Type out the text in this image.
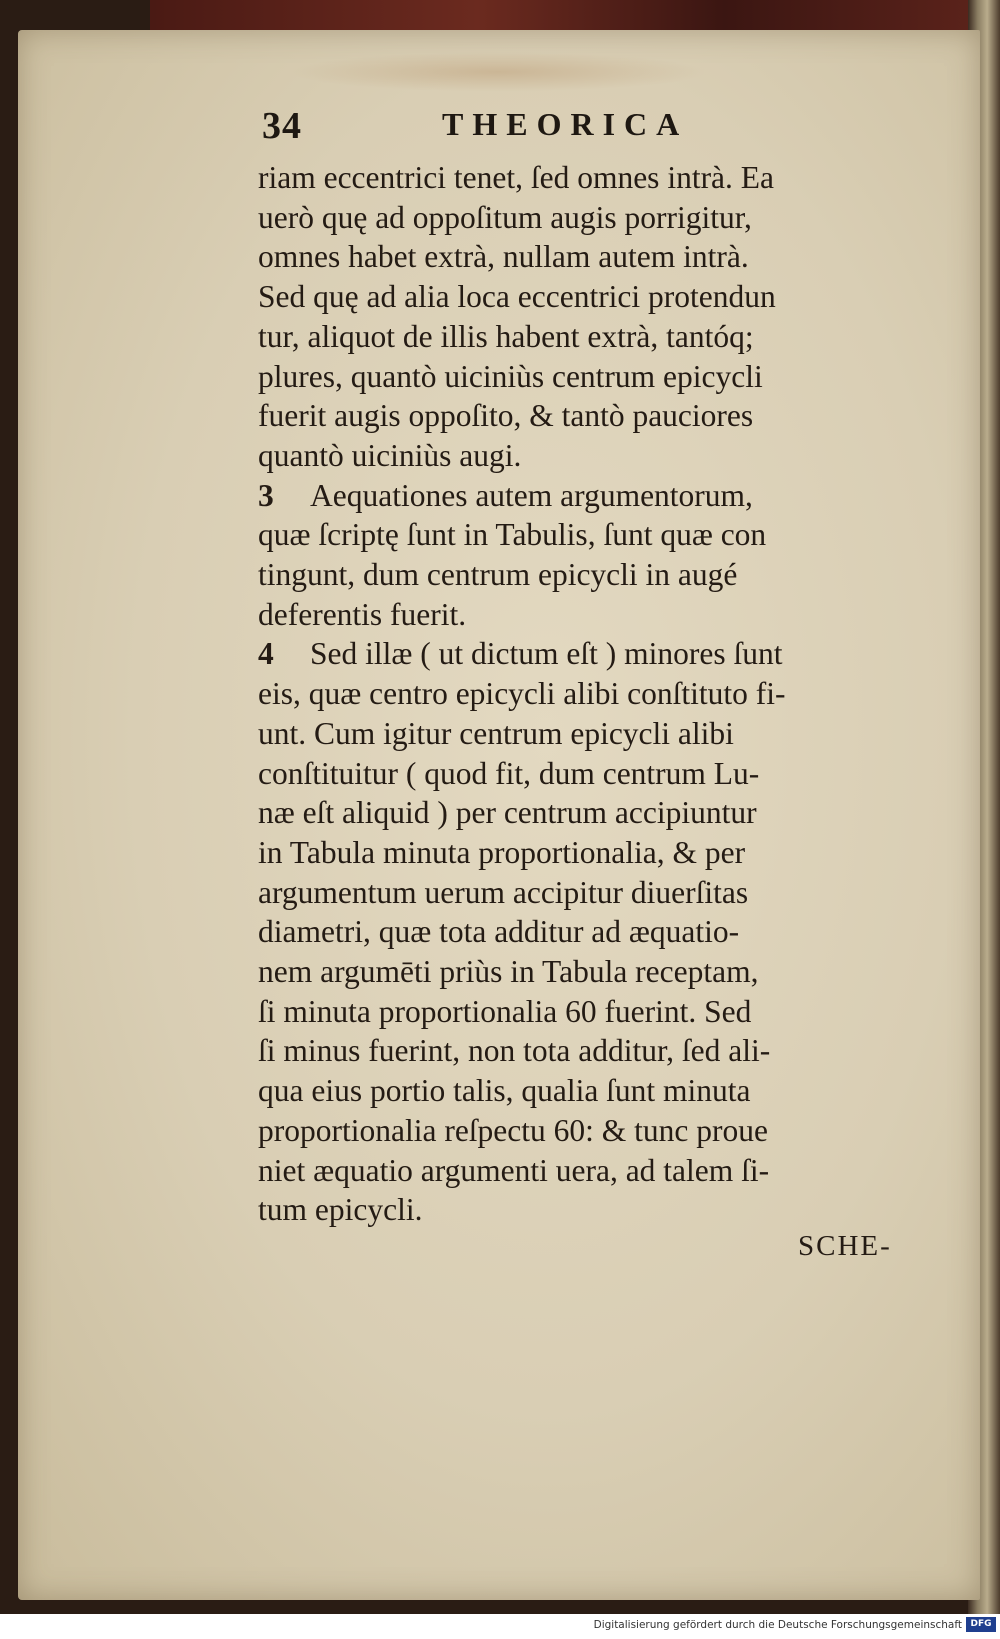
34	THEORICA
riam eccentrici tenet, ſed omnes intrà. Ea
uerò quę ad oppoſitum augis porrigitur,
omnes habet extrà, nullam autem intrà.
Sed quę ad alia loca eccentrici protendun
tur, aliquot de illis habent extrà, tantóq;
plures, quantò uiciniùs centrum epicycli
fuerit augis oppoſito, & tantò pauciores
quantò uiciniùs augi.
3 Aequationes autem argumentorum,
quæ ſcriptę ſunt in Tabulis, ſunt quæ con
tingunt, dum centrum epicycli in augé
deferentis fuerit.
4 Sed illæ ( ut dictum eſt ) minores ſunt
eis, quæ centro epicycli alibi conſtituto fi-
unt. Cum igitur centrum epicycli alibi
conſtituitur ( quod fit, dum centrum Lu-
næ eſt aliquid ) per centrum accipiuntur
in Tabula minuta proportionalia, & per
argumentum uerum accipitur diuerſitas
diametri, quæ tota additur ad æquatio-
nem argumēti priùs in Tabula receptam,
ſi minuta proportionalia 60 fuerint. Sed
ſi minus fuerint, non tota additur, ſed ali-
qua eius portio talis, qualia ſunt minuta
proportionalia reſpectu 60: & tunc proue
niet æquatio argumenti uera, ad talem ſi-
tum epicycli.
SCHE-
Digitalisierung gefördert durch die Deutsche Forschungsgemeinschaft DFG
